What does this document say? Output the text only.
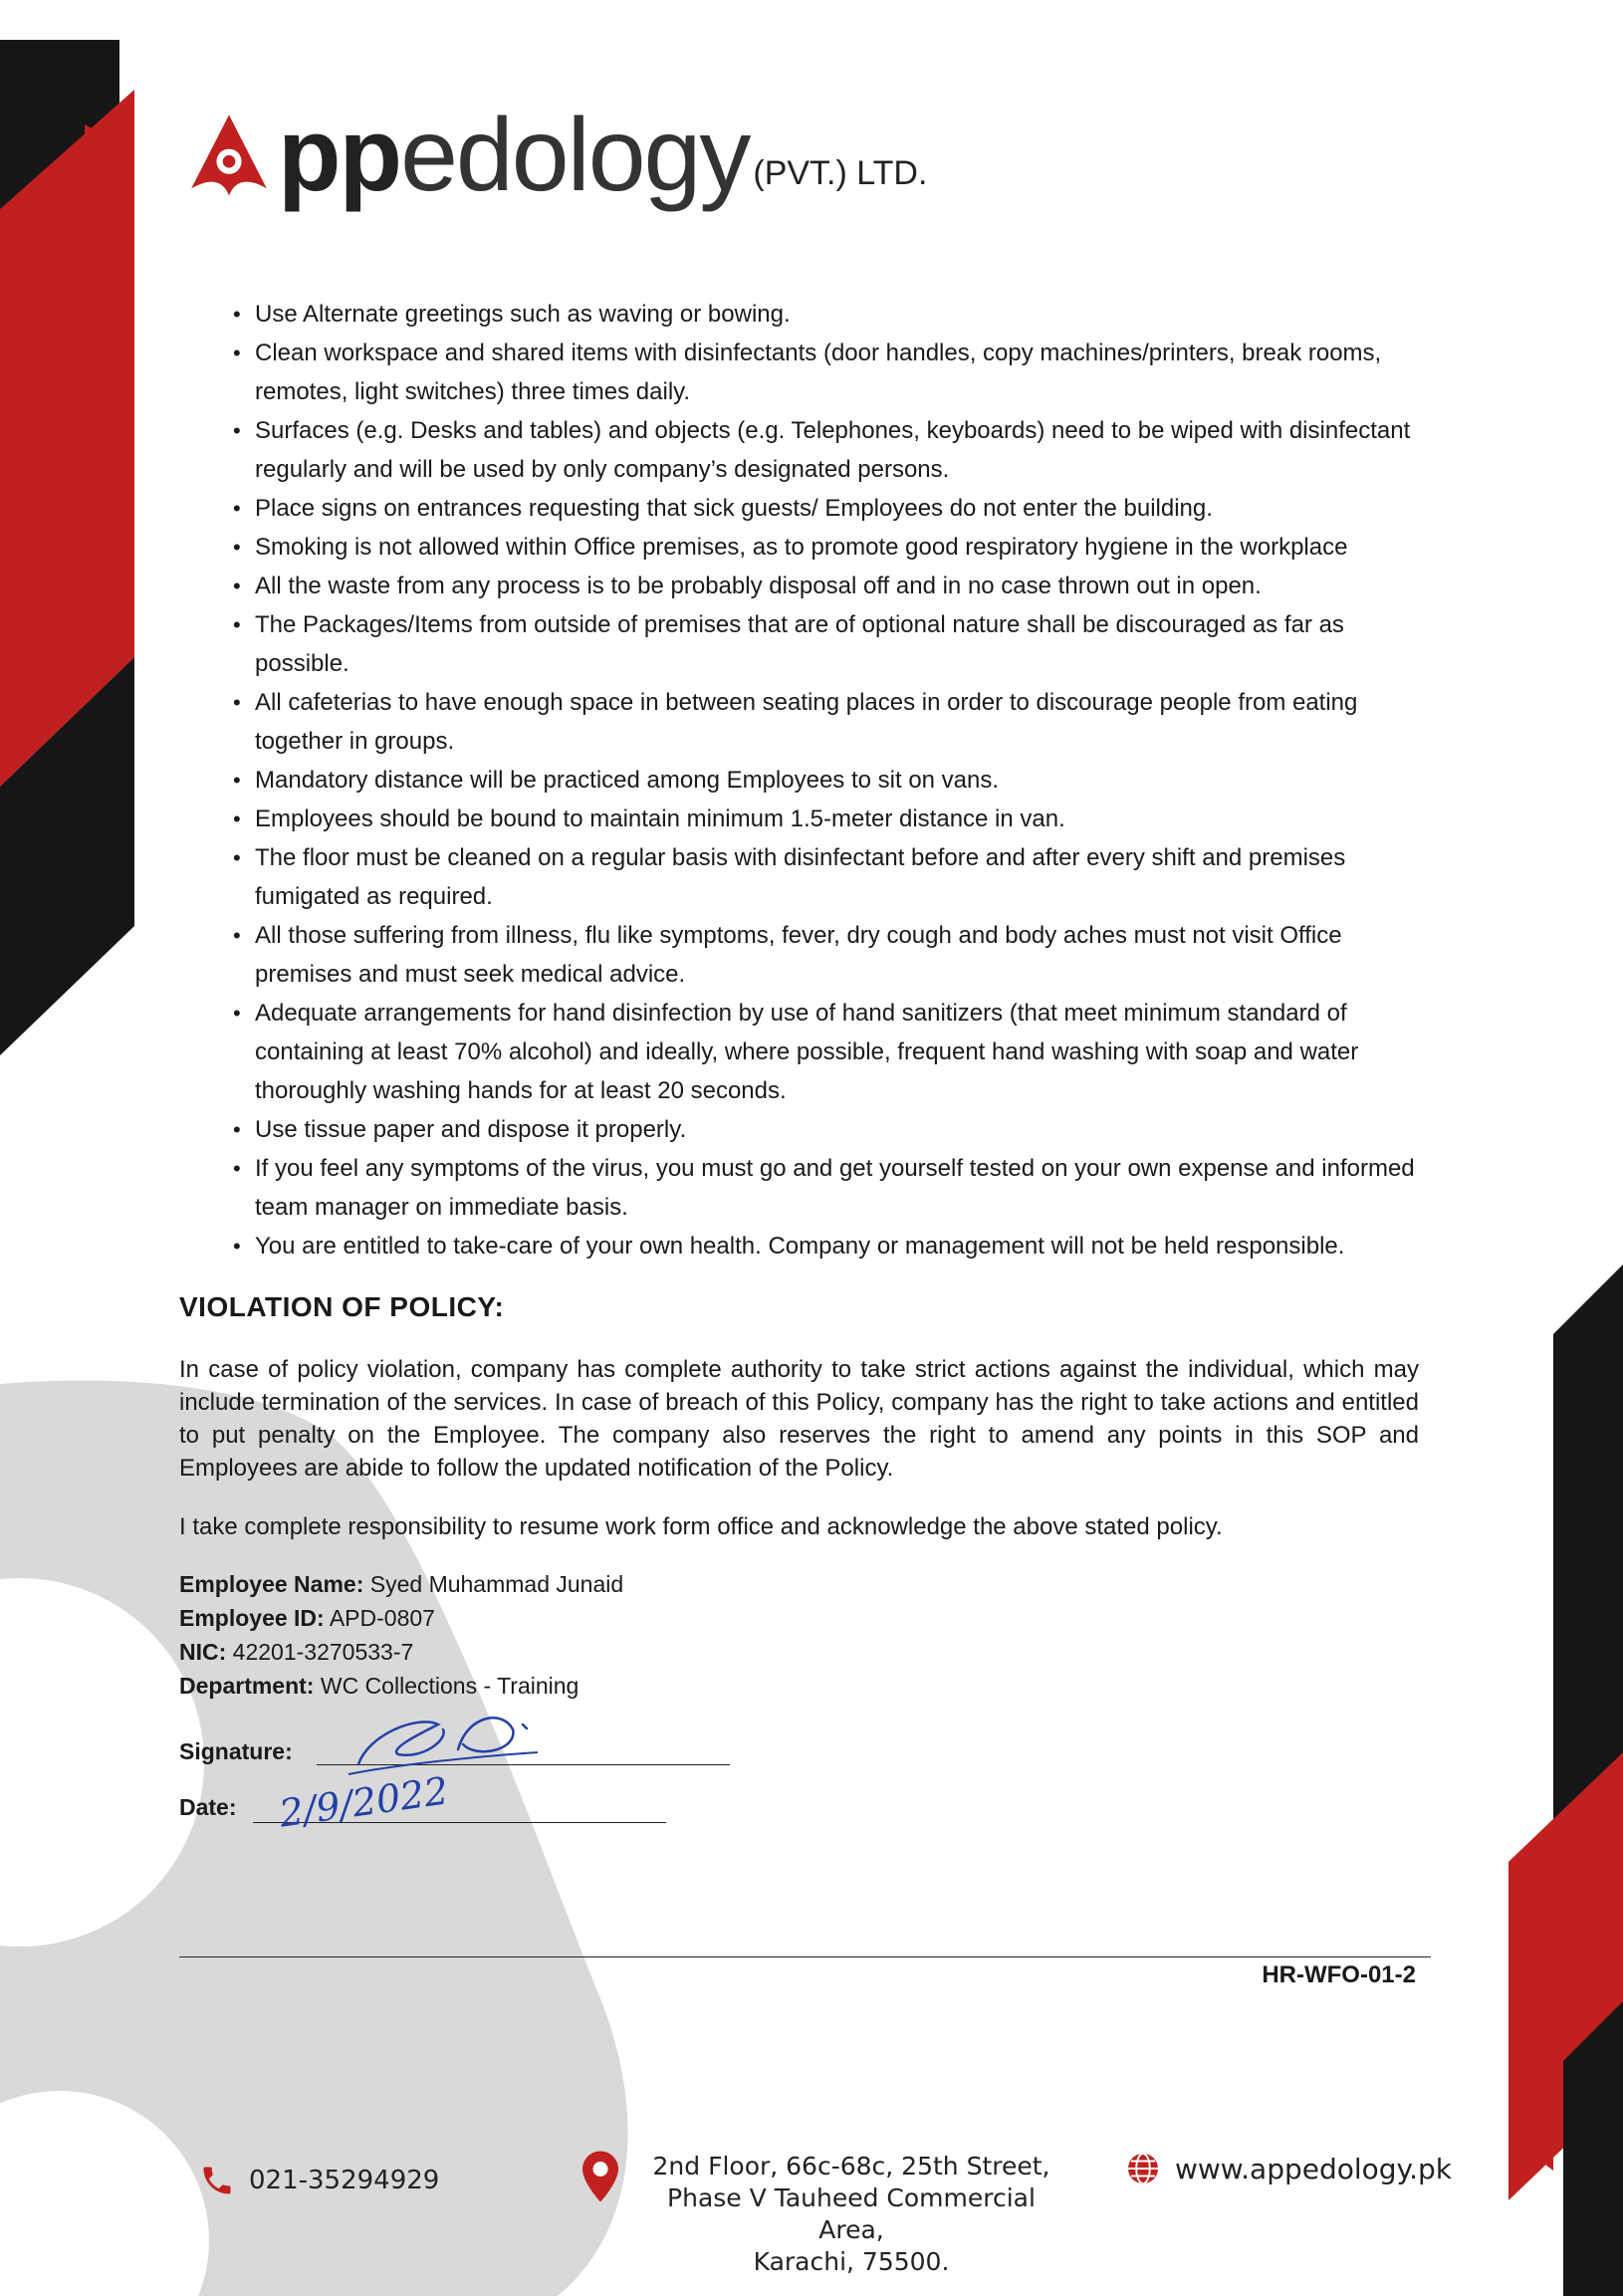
ppedology (PVT.) LTD.
• Use Alternate greetings such as waving or bowing.
• Clean workspace and shared items with disinfectants (door handles, copy machines/printers, break rooms, remotes, light switches) three times daily.
• Surfaces (e.g. Desks and tables) and objects (e.g. Telephones, keyboards) need to be wiped with disinfectant regularly and will be used by only company’s designated persons.
• Place signs on entrances requesting that sick guests/ Employees do not enter the building.
• Smoking is not allowed within Office premises, as to promote good respiratory hygiene in the workplace
• All the waste from any process is to be probably disposal off and in no case thrown out in open.
• The Packages/Items from outside of premises that are of optional nature shall be discouraged as far as possible.
• All cafeterias to have enough space in between seating places in order to discourage people from eating together in groups.
• Mandatory distance will be practiced among Employees to sit on vans.
• Employees should be bound to maintain minimum 1.5-meter distance in van.
• The floor must be cleaned on a regular basis with disinfectant before and after every shift and premises fumigated as required.
• All those suffering from illness, flu like symptoms, fever, dry cough and body aches must not visit Office premises and must seek medical advice.
• Adequate arrangements for hand disinfection by use of hand sanitizers (that meet minimum standard of containing at least 70% alcohol) and ideally, where possible, frequent hand washing with soap and water thoroughly washing hands for at least 20 seconds.
• Use tissue paper and dispose it properly.
• If you feel any symptoms of the virus, you must go and get yourself tested on your own expense and informed team manager on immediate basis.
• You are entitled to take-care of your own health. Company or management will not be held responsible.
VIOLATION OF POLICY:

In case of policy violation, company has complete authority to take strict actions against the individual, which may include termination of the services. In case of breach of this Policy, company has the right to take actions and entitled to put penalty on the Employee. The company also reserves the right to amend any points in this SOP and Employees are abide to follow the updated notification of the Policy.

I take complete responsibility to resume work form office and acknowledge the above stated policy.

Employee Name: Syed Muhammad Junaid
Employee ID: APD-0807
NIC: 42201-3270533-7
Department: WC Collections - Training
Signature:
Date: 2/9/2022
HR-WFO-01-2
021-35294929	2nd Floor, 66c-68c, 25th Street,
Phase V Tauheed Commercial Area,
Karachi, 75500.
www.appedology.pk
